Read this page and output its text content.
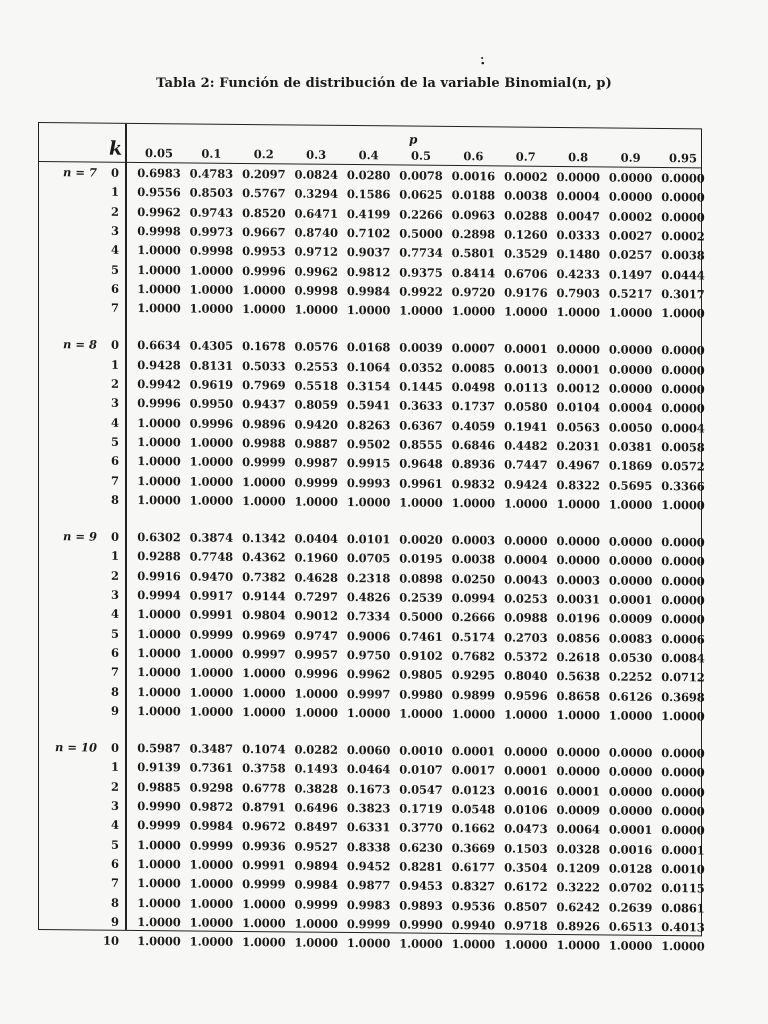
⋅̇
Tabla 2: Función de distribución de la variable Binomial(n, p)
k	p
0.05	0.1	0.2	0.3	0.4	0.5	0.6	0.7	0.8	0.9	0.95
n = 7	0	0.6983 0.4783 0.2097 0.0824 0.0280 0.0078 0.0016 0.0002 0.0000 0.0000 0.0000
1	0.9556 0.8503 0.5767 0.3294 0.1586 0.0625 0.0188 0.0038 0.0004 0.0000 0.0000
2	0.9962 0.9743 0.8520 0.6471 0.4199 0.2266 0.0963 0.0288 0.0047 0.0002 0.0000
3	0.9998 0.9973 0.9667 0.8740 0.7102 0.5000 0.2898 0.1260 0.0333 0.0027 0.0002
4	1.0000 0.9998 0.9953 0.9712 0.9037 0.7734 0.5801 0.3529 0.1480 0.0257 0.0038
5	1.0000 1.0000 0.9996 0.9962 0.9812 0.9375 0.8414 0.6706 0.4233 0.1497 0.0444
6	1.0000 1.0000 1.0000 0.9998 0.9984 0.9922 0.9720 0.9176 0.7903 0.5217 0.3017
7	1.0000 1.0000 1.0000 1.0000 1.0000 1.0000 1.0000 1.0000 1.0000 1.0000 1.0000
n = 8	0	0.6634 0.4305 0.1678 0.0576 0.0168 0.0039 0.0007 0.0001 0.0000 0.0000 0.0000
1	0.9428 0.8131 0.5033 0.2553 0.1064 0.0352 0.0085 0.0013 0.0001 0.0000 0.0000
2	0.9942 0.9619 0.7969 0.5518 0.3154 0.1445 0.0498 0.0113 0.0012 0.0000 0.0000
3	0.9996 0.9950 0.9437 0.8059 0.5941 0.3633 0.1737 0.0580 0.0104 0.0004 0.0000
4	1.0000 0.9996 0.9896 0.9420 0.8263 0.6367 0.4059 0.1941 0.0563 0.0050 0.0004
5	1.0000 1.0000 0.9988 0.9887 0.9502 0.8555 0.6846 0.4482 0.2031 0.0381 0.0058
6	1.0000 1.0000 0.9999 0.9987 0.9915 0.9648 0.8936 0.7447 0.4967 0.1869 0.0572
7	1.0000 1.0000 1.0000 0.9999 0.9993 0.9961 0.9832 0.9424 0.8322 0.5695 0.3366
8	1.0000 1.0000 1.0000 1.0000 1.0000 1.0000 1.0000 1.0000 1.0000 1.0000 1.0000
n = 9	0	0.6302 0.3874 0.1342 0.0404 0.0101 0.0020 0.0003 0.0000 0.0000 0.0000 0.0000
1	0.9288 0.7748 0.4362 0.1960 0.0705 0.0195 0.0038 0.0004 0.0000 0.0000 0.0000
2	0.9916 0.9470 0.7382 0.4628 0.2318 0.0898 0.0250 0.0043 0.0003 0.0000 0.0000
3	0.9994 0.9917 0.9144 0.7297 0.4826 0.2539 0.0994 0.0253 0.0031 0.0001 0.0000
4	1.0000 0.9991 0.9804 0.9012 0.7334 0.5000 0.2666 0.0988 0.0196 0.0009 0.0000
5	1.0000 0.9999 0.9969 0.9747 0.9006 0.7461 0.5174 0.2703 0.0856 0.0083 0.0006
6	1.0000 1.0000 0.9997 0.9957 0.9750 0.9102 0.7682 0.5372 0.2618 0.0530 0.0084
7	1.0000 1.0000 1.0000 0.9996 0.9962 0.9805 0.9295 0.8040 0.5638 0.2252 0.0712
8	1.0000 1.0000 1.0000 1.0000 0.9997 0.9980 0.9899 0.9596 0.8658 0.6126 0.3698
9	1.0000 1.0000 1.0000 1.0000 1.0000 1.0000 1.0000 1.0000 1.0000 1.0000 1.0000
n = 10	0	0.5987 0.3487 0.1074 0.0282 0.0060 0.0010 0.0001 0.0000 0.0000 0.0000 0.0000
1	0.9139 0.7361 0.3758 0.1493 0.0464 0.0107 0.0017 0.0001 0.0000 0.0000 0.0000
2	0.9885 0.9298 0.6778 0.3828 0.1673 0.0547 0.0123 0.0016 0.0001 0.0000 0.0000
3	0.9990 0.9872 0.8791 0.6496 0.3823 0.1719 0.0548 0.0106 0.0009 0.0000 0.0000
4	0.9999 0.9984 0.9672 0.8497 0.6331 0.3770 0.1662 0.0473 0.0064 0.0001 0.0000
5	1.0000 0.9999 0.9936 0.9527 0.8338 0.6230 0.3669 0.1503 0.0328 0.0016 0.0001
6	1.0000 1.0000 0.9991 0.9894 0.9452 0.8281 0.6177 0.3504 0.1209 0.0128 0.0010
7	1.0000 1.0000 0.9999 0.9984 0.9877 0.9453 0.8327 0.6172 0.3222 0.0702 0.0115
8	1.0000 1.0000 1.0000 0.9999 0.9983 0.9893 0.9536 0.8507 0.6242 0.2639 0.0861
9	1.0000 1.0000 1.0000 1.0000 0.9999 0.9990 0.9940 0.9718 0.8926 0.6513 0.4013
10	1.0000 1.0000 1.0000 1.0000 1.0000 1.0000 1.0000 1.0000 1.0000 1.0000 1.0000
